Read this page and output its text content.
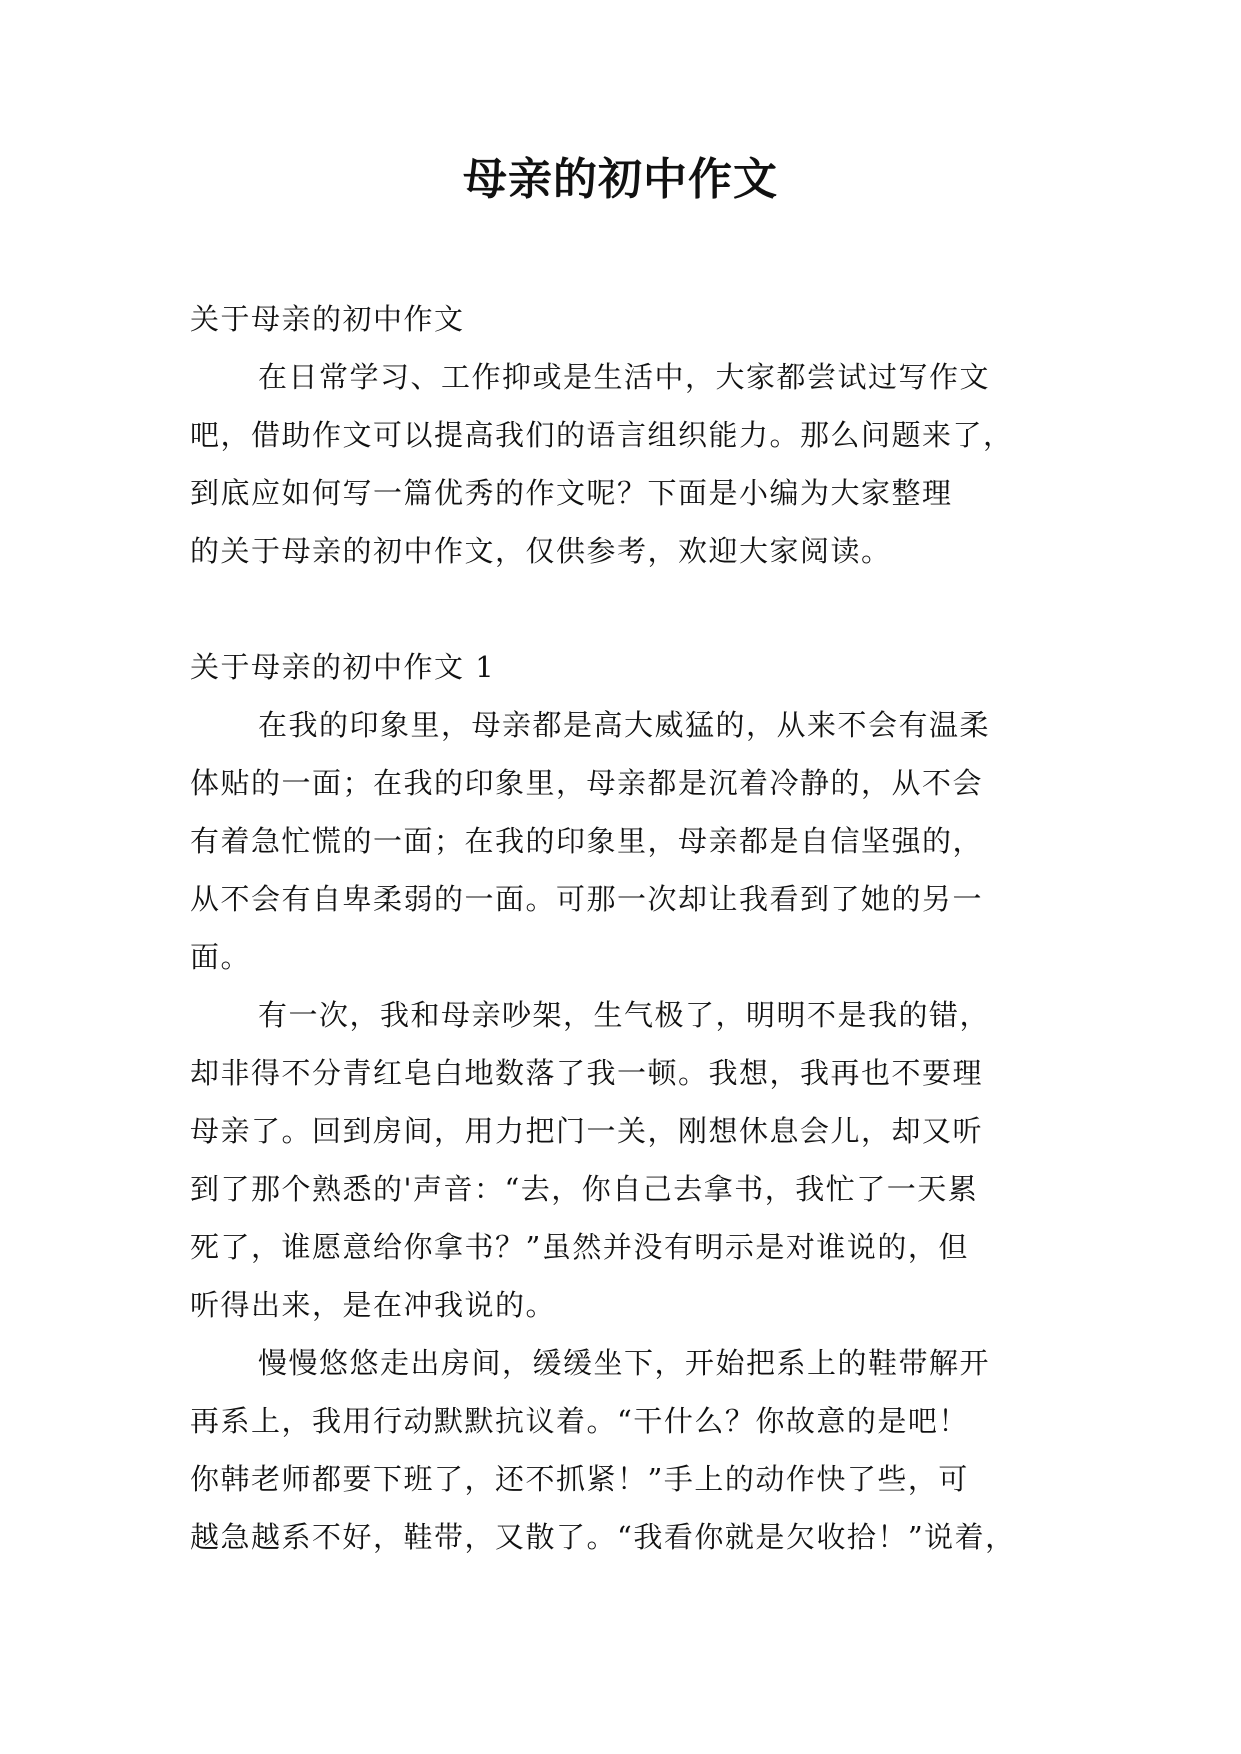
母亲的初中作文
关于母亲的初中作文
在日常学习、工作抑或是生活中，大家都尝试过写作文
吧，借助作文可以提高我们的语言组织能力。那么问题来了，
到底应如何写一篇优秀的作文呢？下面是小编为大家整理
的关于母亲的初中作文，仅供参考，欢迎大家阅读。
关于母亲的初中作文 1
在我的印象里，母亲都是高大威猛的，从来不会有温柔
体贴的一面；在我的印象里，母亲都是沉着冷静的，从不会
有着急忙慌的一面；在我的印象里，母亲都是自信坚强的，
从不会有自卑柔弱的一面。可那一次却让我看到了她的另一
面。
有一次，我和母亲吵架，生气极了，明明不是我的错，
却非得不分青红皂白地数落了我一顿。我想，我再也不要理
母亲了。回到房间，用力把门一关，刚想休息会儿，却又听
到了那个熟悉的'声音：“去，你自己去拿书，我忙了一天累
死了，谁愿意给你拿书？”虽然并没有明示是对谁说的，但
听得出来，是在冲我说的。
慢慢悠悠走出房间，缓缓坐下，开始把系上的鞋带解开
再系上，我用行动默默抗议着。“干什么？你故意的是吧！
你韩老师都要下班了，还不抓紧！”手上的动作快了些，可
越急越系不好，鞋带，又散了。“我看你就是欠收拾！”说着，
